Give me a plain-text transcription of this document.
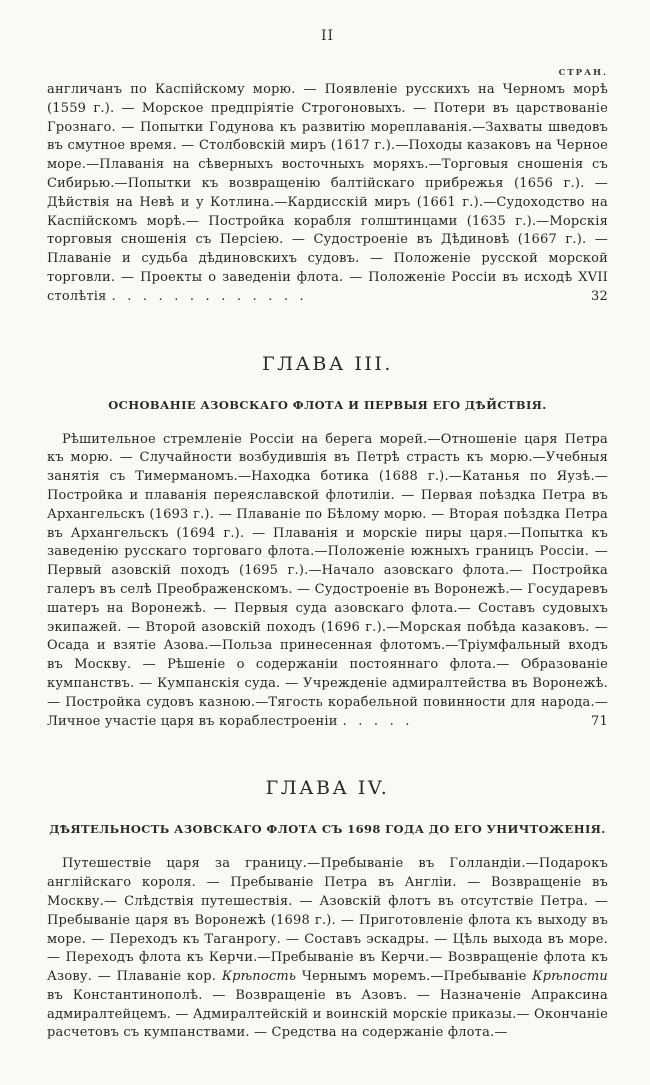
II
СТРАН.

англичанъ по Каспійскому морю. — Появленіе русскихъ на Черномъ морѣ (1559 г.). — Морское предпріятіе Строгоновыхъ. — Потери въ царствованіе Грознаго. — Попытки Годунова къ развитію мореплаванія.—Захваты шведовъ въ смутное время. — Столбовскій миръ (1617 г.).—Походы казаковъ на Черное море.—Плаванія на сѣверныхъ восточныхъ моряхъ.—Торговыя сношенія съ Сибирью.—Попытки къ возвращенію балтійскаго прибрежья (1656 г.). — Дѣйствія на Невѣ и у Котлина.—Кардисскій миръ (1661 г.).—Судоходство на Каспійскомъ морѣ.— Постройка корабля голштинцами (1635 г.).—Морскія торговыя сношенія съ Персіею. — Судостроеніе въ Дѣдиновѣ (1667 г.). — Плаваніе и судьба дѣдиновскихъ судовъ. — Положеніе русской морской торговли. — Проекты о заведеніи флота. — Положеніе Россіи въ исходѣ XVII столѣтія . . . . . . . . . . . . .	32

ГЛАВА III.
ОСНОВАНІЕ АЗОВСКАГО ФЛОТА И ПЕРВЫЯ ЕГО ДѢЙСТВІЯ.

Рѣшительное стремленіе Россіи на берега морей.—Отношеніе царя Петра къ морю. — Случайности возбудившія въ Петрѣ страсть къ морю.—Учебныя занятія съ Тимерманомъ.—Находка ботика (1688 г.).—Катанья по Яузѣ.— Постройка и плаванія переяславской флотиліи. — Первая поѣздка Петра въ Архангельскъ (1693 г.). — Плаваніе по Бѣлому морю. — Вторая поѣздка Петра въ Архангельскъ (1694 г.). — Плаванія и морскіе пиры царя.—Попытка къ заведенію русскаго торговаго флота.—Положеніе южныхъ границъ Россіи. — Первый азовскій походъ (1695 г.).—Начало азовскаго флота.— Постройка галеръ въ селѣ Преображенскомъ. — Судостроеніе въ Воронежѣ.— Государевъ шатеръ на Воронежѣ. — Первыя суда азовскаго флота.— Составъ судовыхъ экипажей. — Второй азовскій походъ (1696 г.).—Морская побѣда казаковъ. — Осада и взятіе Азова.—Польза принесенная флотомъ.—Тріумфальный входъ въ Москву. — Рѣшеніе о содержаніи постояннаго флота.— Образованіе кумпанствъ. — Кумпанскія суда. — Учрежденіе адмиралтейства въ Воронежѣ. — Постройка судовъ казною.—Тягость корабельной повинности для народа.—Личное участіе царя въ кораблестроеніи . . . . .	71

ГЛАВА IV.
ДѢЯТЕЛЬНОСТЬ АЗОВСКАГО ФЛОТА СЪ 1698 ГОДА ДО ЕГО УНИЧТОЖЕНІЯ.

Путешествіе царя за границу.—Пребываніе въ Голландіи.—Подарокъ англійскаго короля. — Пребываніе Петра въ Англіи. — Возвращеніе въ Москву.— Слѣдствія путешествія. — Азовскій флотъ въ отсутствіе Петра. — Пребываніе царя въ Воронежѣ (1698 г.). — Приготовленіе флота къ выходу въ море. — Переходъ къ Таганрогу. — Составъ эскадры. — Цѣль выхода въ море. — Переходъ флота къ Керчи.—Пребываніе въ Керчи.— Возвращеніе флота къ Азову. — Плаваніе кор. Крѣпость Чернымъ моремъ.—Пребываніе Крѣпости въ Константинополѣ. — Возвращеніе въ Азовъ. — Назначеніе Апраксина адмиралтейцемъ. — Адмиралтейскій и воинскій морскіе приказы.— Окончаніе расчетовъ съ кумпанствами. — Средства на содержаніе флота.—
